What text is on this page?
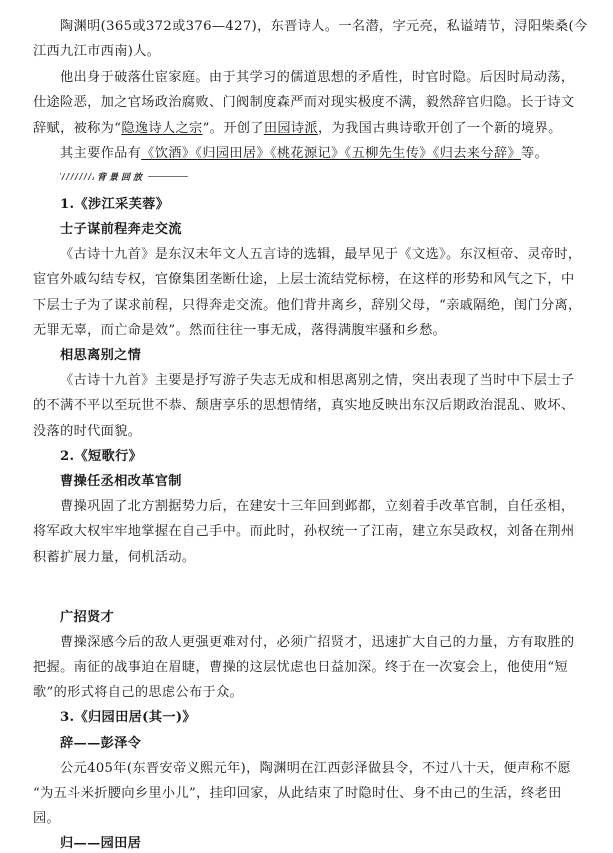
陶渊明(365或372或376—427)，东晋诗人。一名潜，字元亮，私谥靖节，浔阳柴桑(今
江西九江市西南)人。
他出身于破落仕宦家庭。由于其学习的儒道思想的矛盾性，时官时隐。后因时局动荡，
仕途险恶，加之官场政治腐败、门阀制度森严而对现实极度不满，毅然辞官归隐。长于诗文
辞赋，被称为“隐逸诗人之宗”。开创了田园诗派，为我国古典诗歌开创了一个新的境界。
其主要作品有《饮酒》《归园田居》《桃花源记》《五柳先生传》《归去来兮辞》等。
背景回放
1.《涉江采芙蓉》
士子谋前程奔走交流
《古诗十九首》是东汉末年文人五言诗的选辑，最早见于《文选》。东汉桓帝、灵帝时，
宦官外戚勾结专权，官僚集团垄断仕途，上层士流结党标榜，在这样的形势和风气之下，中
下层士子为了谋求前程，只得奔走交流。他们背井离乡，辞别父母，“亲戚隔绝，闺门分离，
无罪无辜，而亡命是效”。然而往往一事无成，落得满腹牢骚和乡愁。
相思离别之情
《古诗十九首》主要是抒写游子失志无成和相思离别之情，突出表现了当时中下层士子
的不满不平以至玩世不恭、颓唐享乐的思想情绪，真实地反映出东汉后期政治混乱、败坏、
没落的时代面貌。
2.《短歌行》
曹操任丞相改革官制
曹操巩固了北方割据势力后，在建安十三年回到邺都，立刻着手改革官制，自任丞相，
将军政大权牢牢地掌握在自己手中。而此时，孙权统一了江南，建立东吴政权，刘备在荆州
积蓄扩展力量，伺机活动。
广招贤才
曹操深感今后的敌人更强更难对付，必须广招贤才，迅速扩大自己的力量，方有取胜的
把握。南征的战事迫在眉睫，曹操的这层忧虑也日益加深。终于在一次宴会上，他使用“短
歌”的形式将自己的思虑公布于众。
3.《归园田居(其一)》
辞——彭泽令
公元405年(东晋安帝义熙元年)，陶渊明在江西彭泽做县令，不过八十天，便声称不愿
“为五斗米折腰向乡里小儿”，挂印回家，从此结束了时隐时仕、身不由己的生活，终老田
园。
归——园田居
